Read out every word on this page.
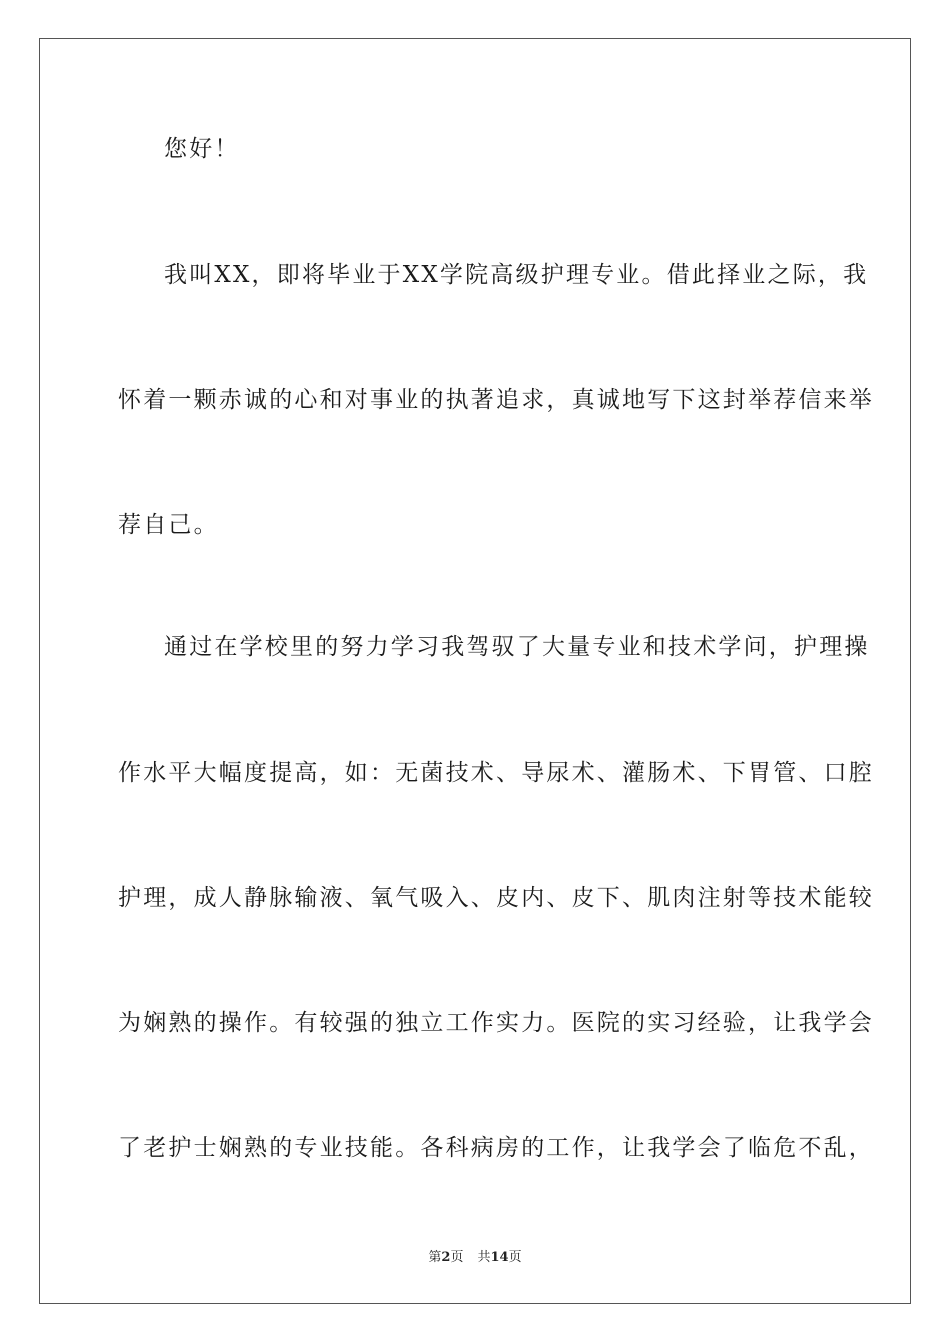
您好！
我叫XX，即将毕业于XX学院高级护理专业。借此择业之际，我
怀着一颗赤诚的心和对事业的执著追求，真诚地写下这封举荐信来举
荐自己。
通过在学校里的努力学习我驾驭了大量专业和技术学问，护理操
作水平大幅度提高，如：无菌技术、导尿术、灌肠术、下胃管、口腔
护理，成人静脉输液、氧气吸入、皮内、皮下、肌肉注射等技术能较
为娴熟的操作。有较强的独立工作实力。医院的实习经验，让我学会
了老护士娴熟的专业技能。各科病房的工作，让我学会了临危不乱，
第2页 共14页
